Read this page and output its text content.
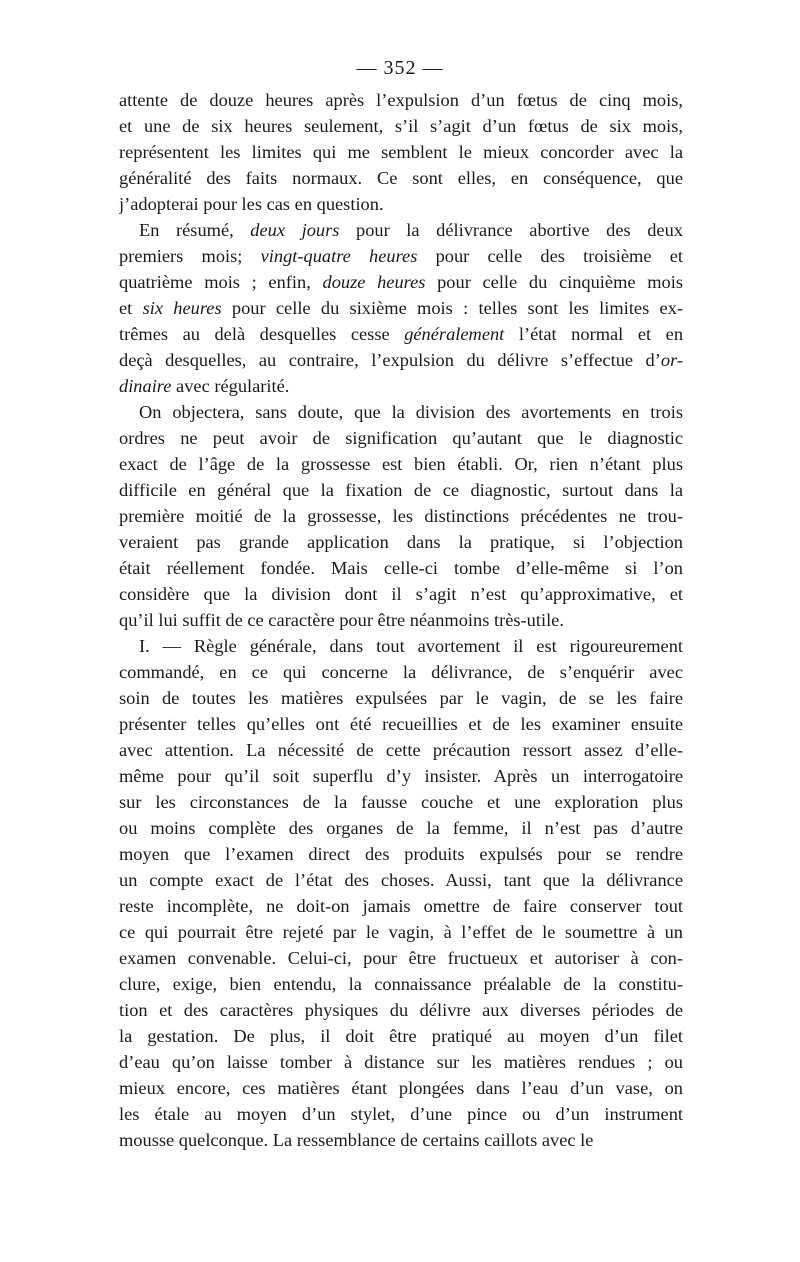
— 352 —
attente de douze heures après l’expulsion d’un fœtus de cinq mois,
et une de six heures seulement, s’il s’agit d’un fœtus de six mois,
représentent les limites qui me semblent le mieux concorder avec la
généralité des faits normaux. Ce sont elles, en conséquence, que
j’adopterai pour les cas en question.
En résumé, deux jours pour la délivrance abortive des deux
premiers mois; vingt-quatre heures pour celle des troisième et
quatrième mois ; enfin, douze heures pour celle du cinquième mois
et six heures pour celle du sixième mois : telles sont les limites ex-
trêmes au delà desquelles cesse généralement l’état normal et en
deçà desquelles, au contraire, l’expulsion du délivre s’effectue d’or-
dinaire avec régularité.
On objectera, sans doute, que la division des avortements en trois
ordres ne peut avoir de signification qu’autant que le diagnostic
exact de l’âge de la grossesse est bien établi. Or, rien n’étant plus
difficile en général que la fixation de ce diagnostic, surtout dans la
première moitié de la grossesse, les distinctions précédentes ne trou-
veraient pas grande application dans la pratique, si l’objection
était réellement fondée. Mais celle-ci tombe d’elle-même si l’on
considère que la division dont il s’agit n’est qu’approximative, et
qu’il lui suffit de ce caractère pour être néanmoins très-utile.
I. — Règle générale, dans tout avortement il est rigoureurement
commandé, en ce qui concerne la délivrance, de s’enquérir avec
soin de toutes les matières expulsées par le vagin, de se les faire
présenter telles qu’elles ont été recueillies et de les examiner ensuite
avec attention. La nécessité de cette précaution ressort assez d’elle-
même pour qu’il soit superflu d’y insister. Après un interrogatoire
sur les circonstances de la fausse couche et une exploration plus
ou moins complète des organes de la femme, il n’est pas d’autre
moyen que l’examen direct des produits expulsés pour se rendre
un compte exact de l’état des choses. Aussi, tant que la délivrance
reste incomplète, ne doit-on jamais omettre de faire conserver tout
ce qui pourrait être rejeté par le vagin, à l’effet de le soumettre à un
examen convenable. Celui-ci, pour être fructueux et autoriser à con-
clure, exige, bien entendu, la connaissance préalable de la constitu-
tion et des caractères physiques du délivre aux diverses périodes de
la gestation. De plus, il doit être pratiqué au moyen d’un filet
d’eau qu’on laisse tomber à distance sur les matières rendues ; ou
mieux encore, ces matières étant plongées dans l’eau d’un vase, on
les étale au moyen d’un stylet, d’une pince ou d’un instrument
mousse quelconque. La ressemblance de certains caillots avec le
